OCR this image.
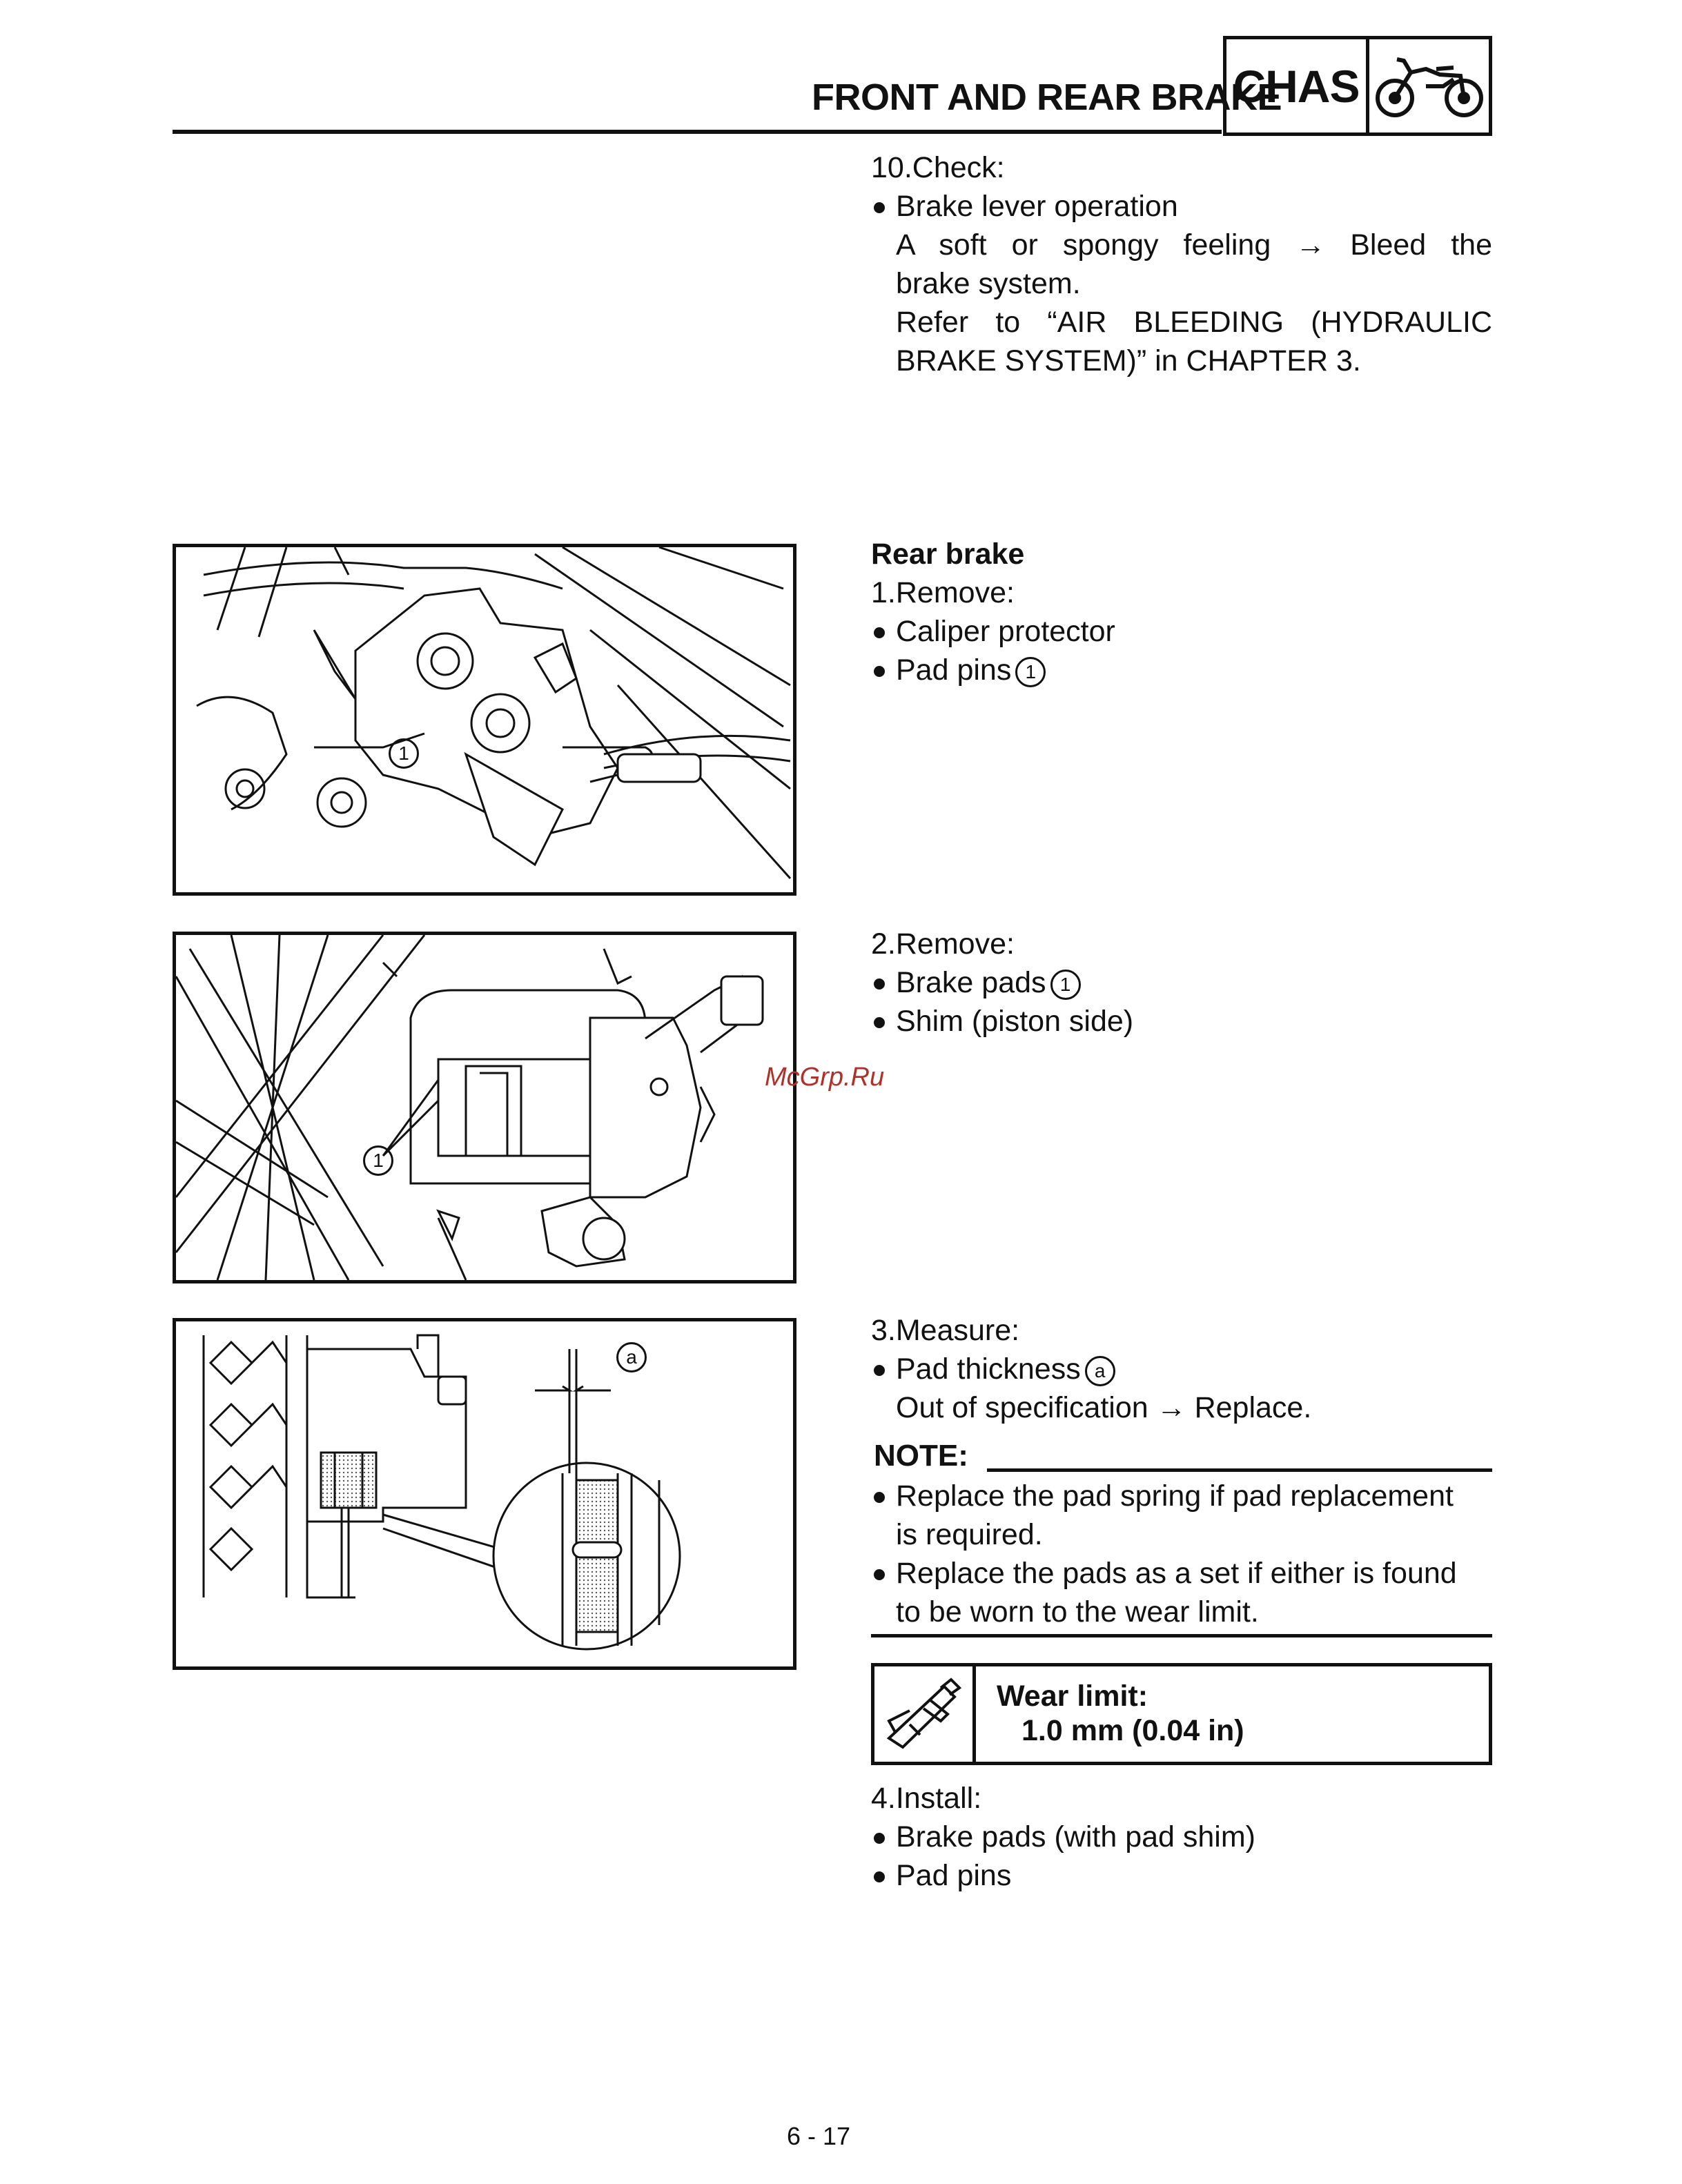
FRONT AND REAR BRAKE
CHAS
10.Check:
Brake lever operation
A soft or spongy feeling → Bleed the
brake system.
Refer to “AIR BLEEDING (HYDRAULIC
BRAKE SYSTEM)” in CHAPTER 3.
Rear brake
1.Remove:
Caliper protector
Pad pins 1
1
2.Remove:
Brake pads 1
Shim (piston side)
1
3.Measure:
Pad thickness a
Out of specification → Replace.
a
NOTE:
Replace the pad spring if pad replacement
is required.
Replace the pads as a set if either is found
to be worn to the wear limit.
Wear limit:
1.0 mm (0.04 in)
4.Install:
Brake pads (with pad shim)
Pad pins
McGrp.Ru
6 - 17
